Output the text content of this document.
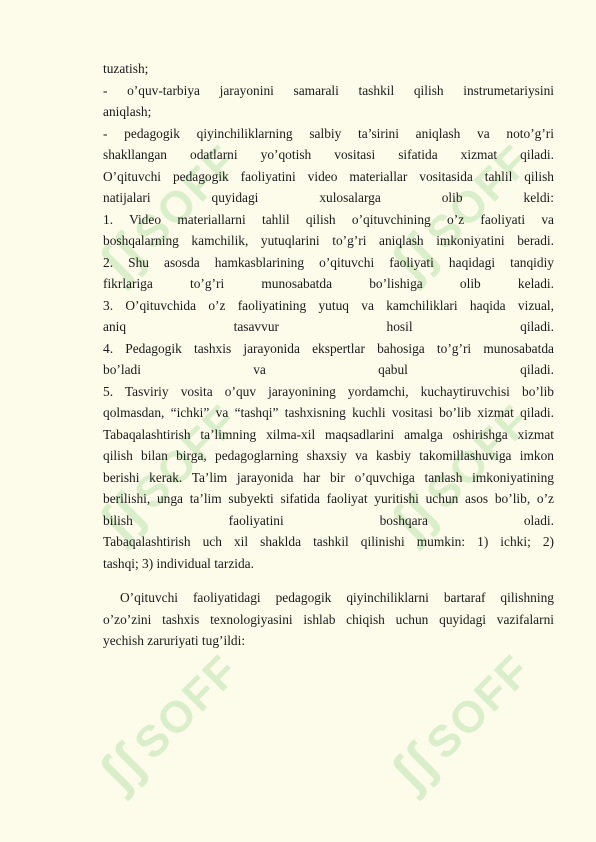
ʃʃSOFF	ʃʃSOFF
ʃʃSOFF	ʃʃSOFF
ʃʃSOFF	ʃʃSOFF
tuzatish;
- o’quv-tarbiya jarayonini samarali tashkil qilish instrumetariysini
aniqlash;
- pedagogik qiyinchiliklarning salbiy ta’sirini aniqlash va noto’g’ri
shakllangan odatlarni yo’qotish vositasi sifatida xizmat qiladi.
O’qituvchi pedagogik faoliyatini video materiallar vositasida tahlil qilish
natijalari quyidagi xulosalarga olib keldi:
1. Video materiallarni tahlil qilish o’qituvchining o’z faoliyati va
boshqalarning kamchilik, yutuqlarini to’g’ri aniqlash imkoniyatini beradi.
2. Shu asosda hamkasblarining o’qituvchi faoliyati haqidagi tanqidiy
fikrlariga to’g’ri munosabatda bo’lishiga olib keladi.
3. O’qituvchida o’z faoliyatining yutuq va kamchiliklari haqida vizual,
aniq tasavvur hosil qiladi.
4. Pedagogik tashxis jarayonida ekspertlar bahosiga to’g’ri munosabatda
bo’ladi va qabul qiladi.
5. Tasviriy vosita o’quv jarayonining yordamchi, kuchaytiruvchisi bo’lib
qolmasdan, “ichki” va “tashqi” tashxisning kuchli vositasi bo’lib xizmat qiladi.
Tabaqalashtirish ta’limning xilma-xil maqsadlarini amalga oshirishga xizmat
qilish bilan birga, pedagoglarning shaxsiy va kasbiy takomillashuviga imkon
berishi kerak. Ta’lim jarayonida har bir o’quvchiga tanlash imkoniyatining
berilishi, unga ta’lim subyekti sifatida faoliyat yuritishi uchun asos bo’lib, o’z
bilish faoliyatini boshqara oladi.
Tabaqalashtirish uch xil shaklda tashkil qilinishi mumkin: 1) ichki; 2)
tashqi; 3) individual tarzida.
O’qituvchi faoliyatidagi pedagogik qiyinchiliklarni bartaraf qilishning
o’zo’zini tashxis texnologiyasini ishlab chiqish uchun quyidagi vazifalarni
yechish zaruriyati tug’ildi:
